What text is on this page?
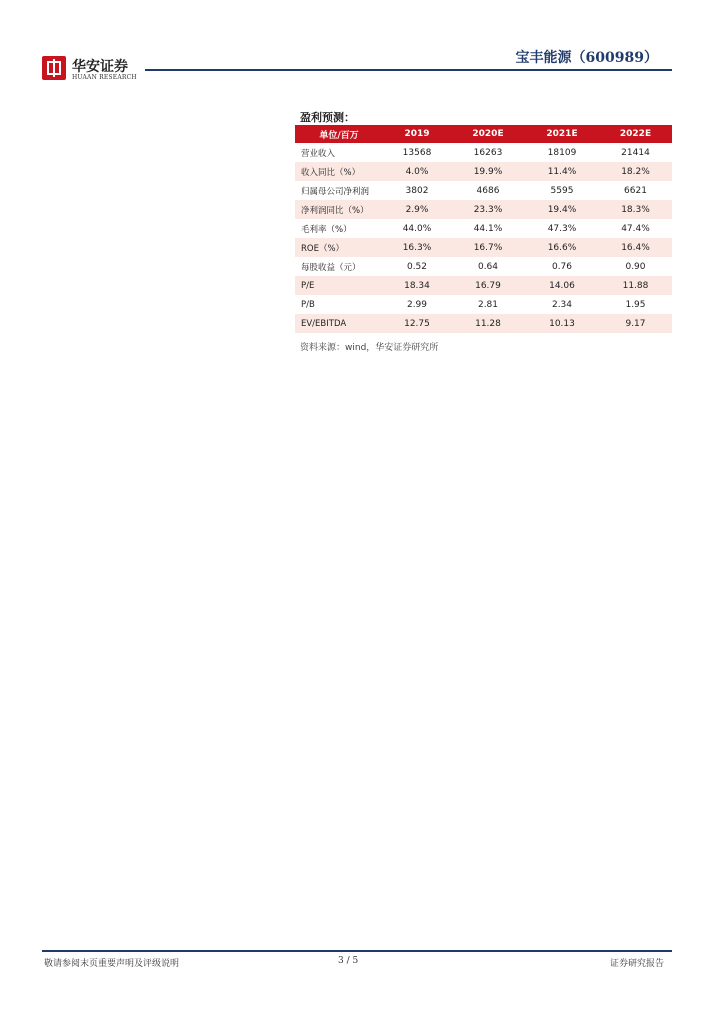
华安证券
HUAAN RESEARCH
宝丰能源（600989）
盈利预测：
单位/百万	2019	2020E	2021E	2022E
营业收入	13568	16263	18109	21414
收入同比（%）	4.0%	19.9%	11.4%	18.2%
归属母公司净利润	3802	4686	5595	6621
净利润同比（%）	2.9%	23.3%	19.4%	18.3%
毛利率（%）	44.0%	44.1%	47.3%	47.4%
ROE（%）	16.3%	16.7%	16.6%	16.4%
每股收益（元）	0.52	0.64	0.76	0.90
P/E	18.34	16.79	14.06	11.88
P/B	2.99	2.81	2.34	1.95
EV/EBITDA	12.75	11.28	10.13	9.17
资料来源：wind，华安证券研究所
敬请参阅末页重要声明及评级说明	3 / 5	证券研究报告
